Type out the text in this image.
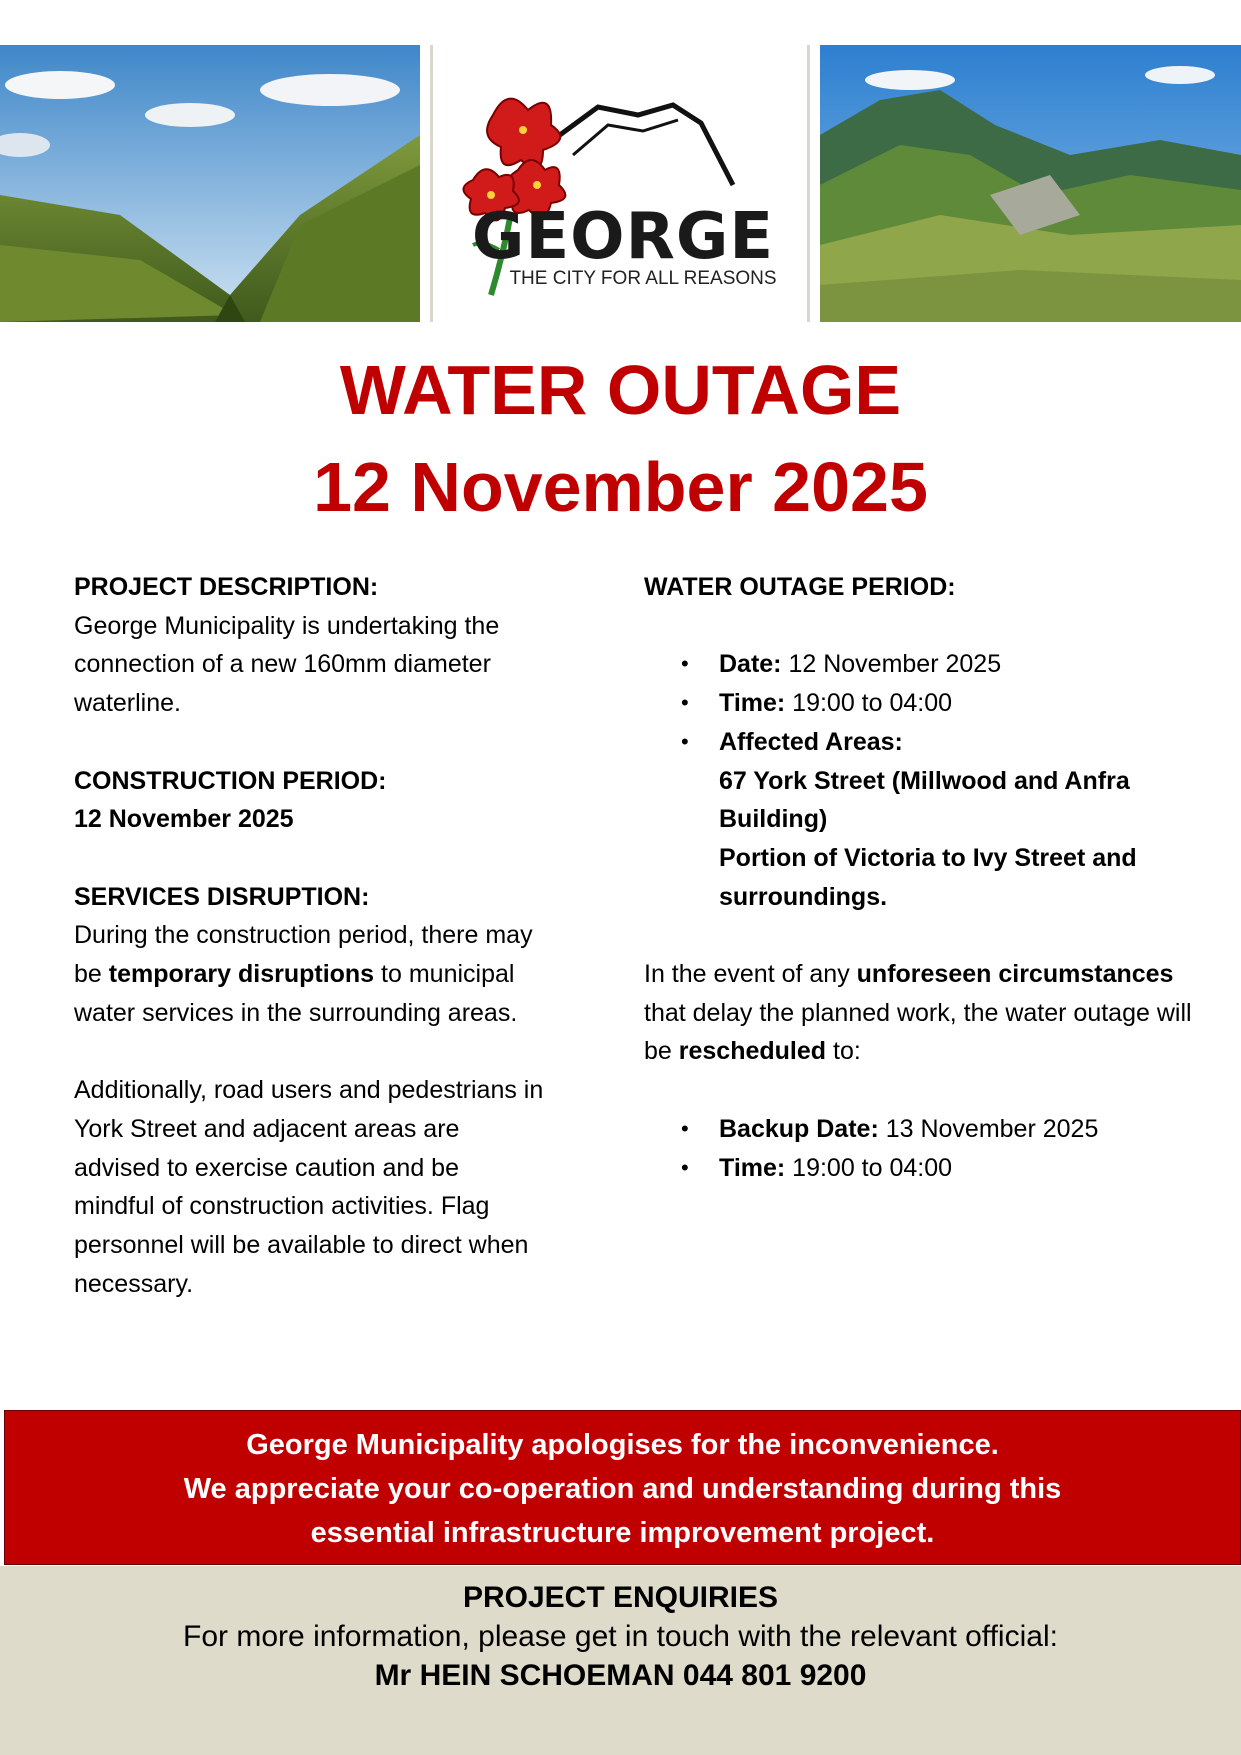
GEORGE
THE CITY FOR ALL REASONS
WATER OUTAGE
12 November 2025

PROJECT DESCRIPTION:

George Municipality is undertaking the connection of a new 160mm diameter waterline.

CONSTRUCTION PERIOD:

12 November 2025

SERVICES DISRUPTION:

During the construction period, there may be temporary disruptions to municipal water services in the surrounding areas.

Additionally, road users and pedestrians in York Street and adjacent areas are advised to exercise caution and be mindful of construction activities. Flag personnel will be available to direct when necessary.

WATER OUTAGE PERIOD:

• Date: 12 November 2025
• Time: 19:00 to 04:00
• Affected Areas:
67 York Street (Millwood and Anfra Building)
Portion of Victoria to Ivy Street and surroundings.

In the event of any unforeseen circumstances that delay the planned work, the water outage will be rescheduled to:

• Backup Date: 13 November 2025
• Time: 19:00 to 04:00
George Municipality apologises for the inconvenience.
We appreciate your co-operation and understanding during this
essential infrastructure improvement project.
PROJECT ENQUIRIES
For more information, please get in touch with the relevant official:
Mr HEIN SCHOEMAN 044 801 9200
